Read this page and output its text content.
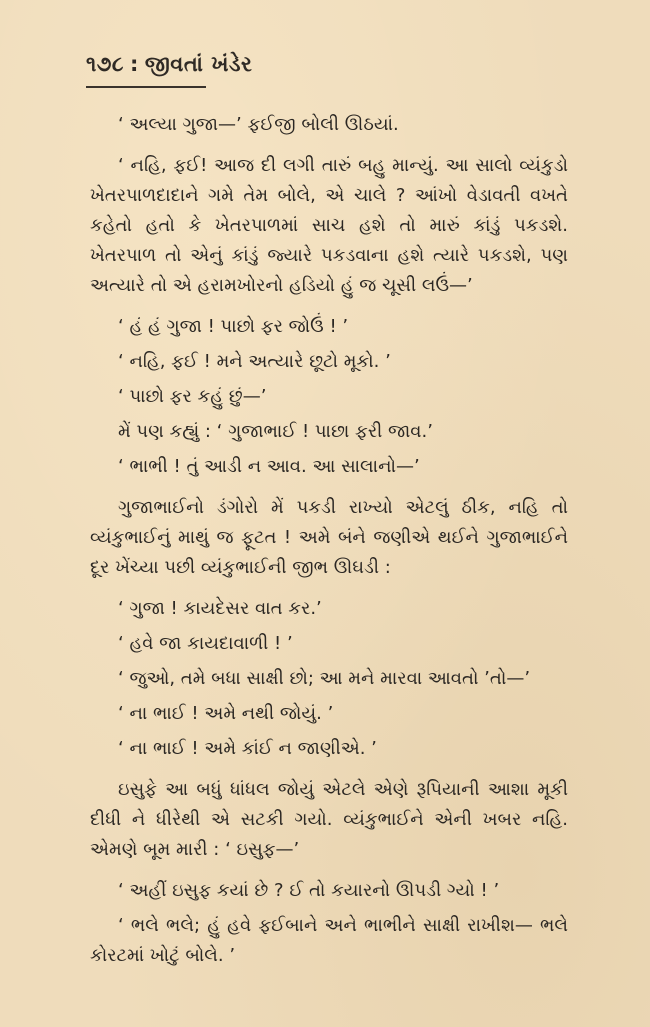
૧૭૮ : જીવતાં ખંડેર

‘ અલ્યા ગુજા—’ ફઈજી બોલી ઊઠયાં.

‘ નહિ, ફઈ! આજ દી લગી તારું બહુ માન્યું. આ સાલો વ્યંકુડો ખેતરપાળદાદાને ગમે તેમ બોલે, એ ચાલે ? આંખો વેડાવતી વખતે કહેતો હતો કે ખેતરપાળમાં સાચ હશે તો મારું કાંડું પકડશે. ખેતરપાળ તો એનું કાંડું જ્યારે પકડવાના હશે ત્યારે પકડશે, પણ અત્યારે તો એ હરામખોરનો હડિયો હું જ ચૂસી લઉં—’

‘ હં હં ગુજા ! પાછો ફર જોઉં ! ’

‘ નહિ, ફઈ ! મને અત્યારે છૂટો મૂકો. ’

‘ પાછો ફર કહું છું—’

મેં પણ કહ્યું : ‘ ગુજાભાઈ ! પાછા ફરી જાવ.’

‘ ભાભી ! તું આડી ન આવ. આ સાલાનો—’

ગુજાભાઈનો ડંગોરો મેં પકડી રાખ્યો એટલું ઠીક, નહિ તો વ્યંકુભાઈનું માથું જ ફૂટત ! અમે બંને જણીએ થઈને ગુજાભાઈને દૂર ખેંચ્યા પછી વ્યંકુભાઈની જીભ ઊઘડી :

‘ ગુજા ! કાયદેસર વાત કર.’

‘ હવે જા કાયદાવાળી ! ’

‘ જુઓ, તમે બધા સાક્ષી છો; આ મને મારવા આવતો ’તો—’

‘ ના ભાઈ ! અમે નથી જોયું. ’

‘ ના ભાઈ ! અમે કાંઈ ન જાણીએ. ’

ઇસુફે આ બધું ધાંધલ જોયું એટલે એણે રૂપિયાની આશા મૂકી દીધી ને ધીરેથી એ સટકી ગયો. વ્યંકુભાઈને એની ખબર નહિ. એમણે બૂમ મારી : ‘ ઇસુફ—’

‘ અહીં ઇસુફ કયાં છે ? ઈ તો કયારનો ઊપડી ગ્યો ! ’

‘ ભલે ભલે; હું હવે ફઈબાને અને ભાભીને સાક્ષી રાખીશ— ભલે કોરટમાં ખોટું બોલે. ’
